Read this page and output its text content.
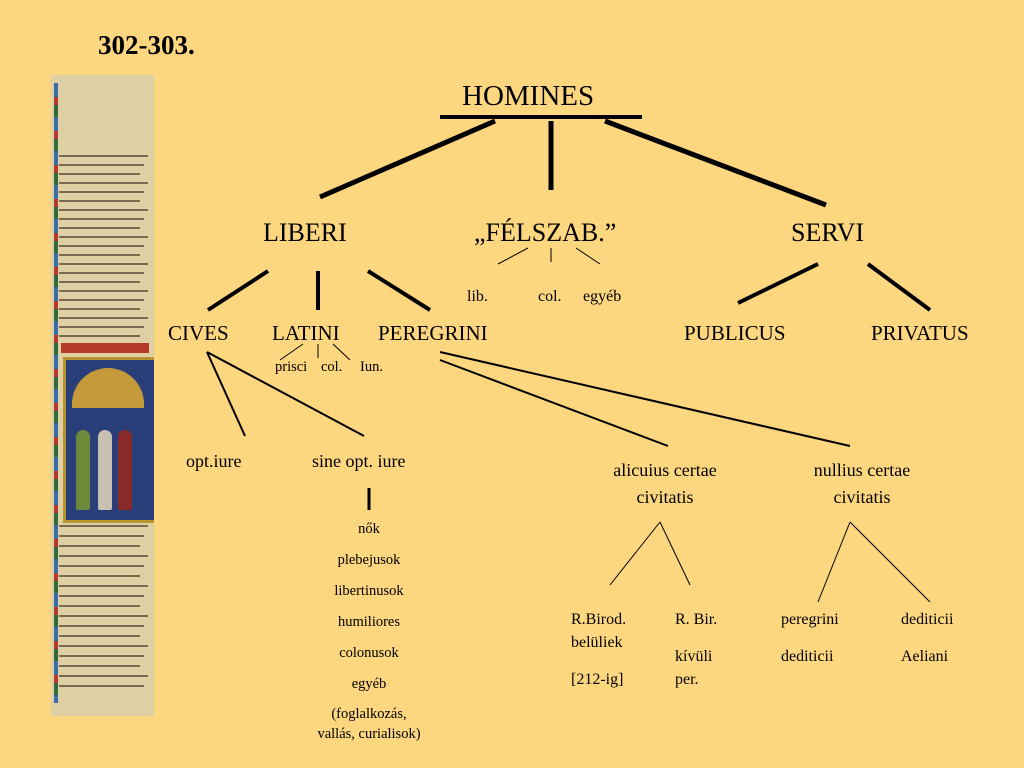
302-303.
HOMINES
LIBERI	„FÉLSZAB.”	SERVI
lib.	col. egyéb
CIVES LATINI PEREGRINI	PUBLICUS	PRIVATUS
prisci col. Iun.
opt.iure	sine opt. iure
nők
plebejusok
libertinusok
humiliores
colonusok
egyéb
(foglalkozás,
vallás, curialisok)
alicuius certae
civitatis
nullius certae
civitatis
R.Birod.
belüliek
[212-ig]
R. Bir.
kívüli
per.
peregrini
dediticii
dediticii
Aeliani
